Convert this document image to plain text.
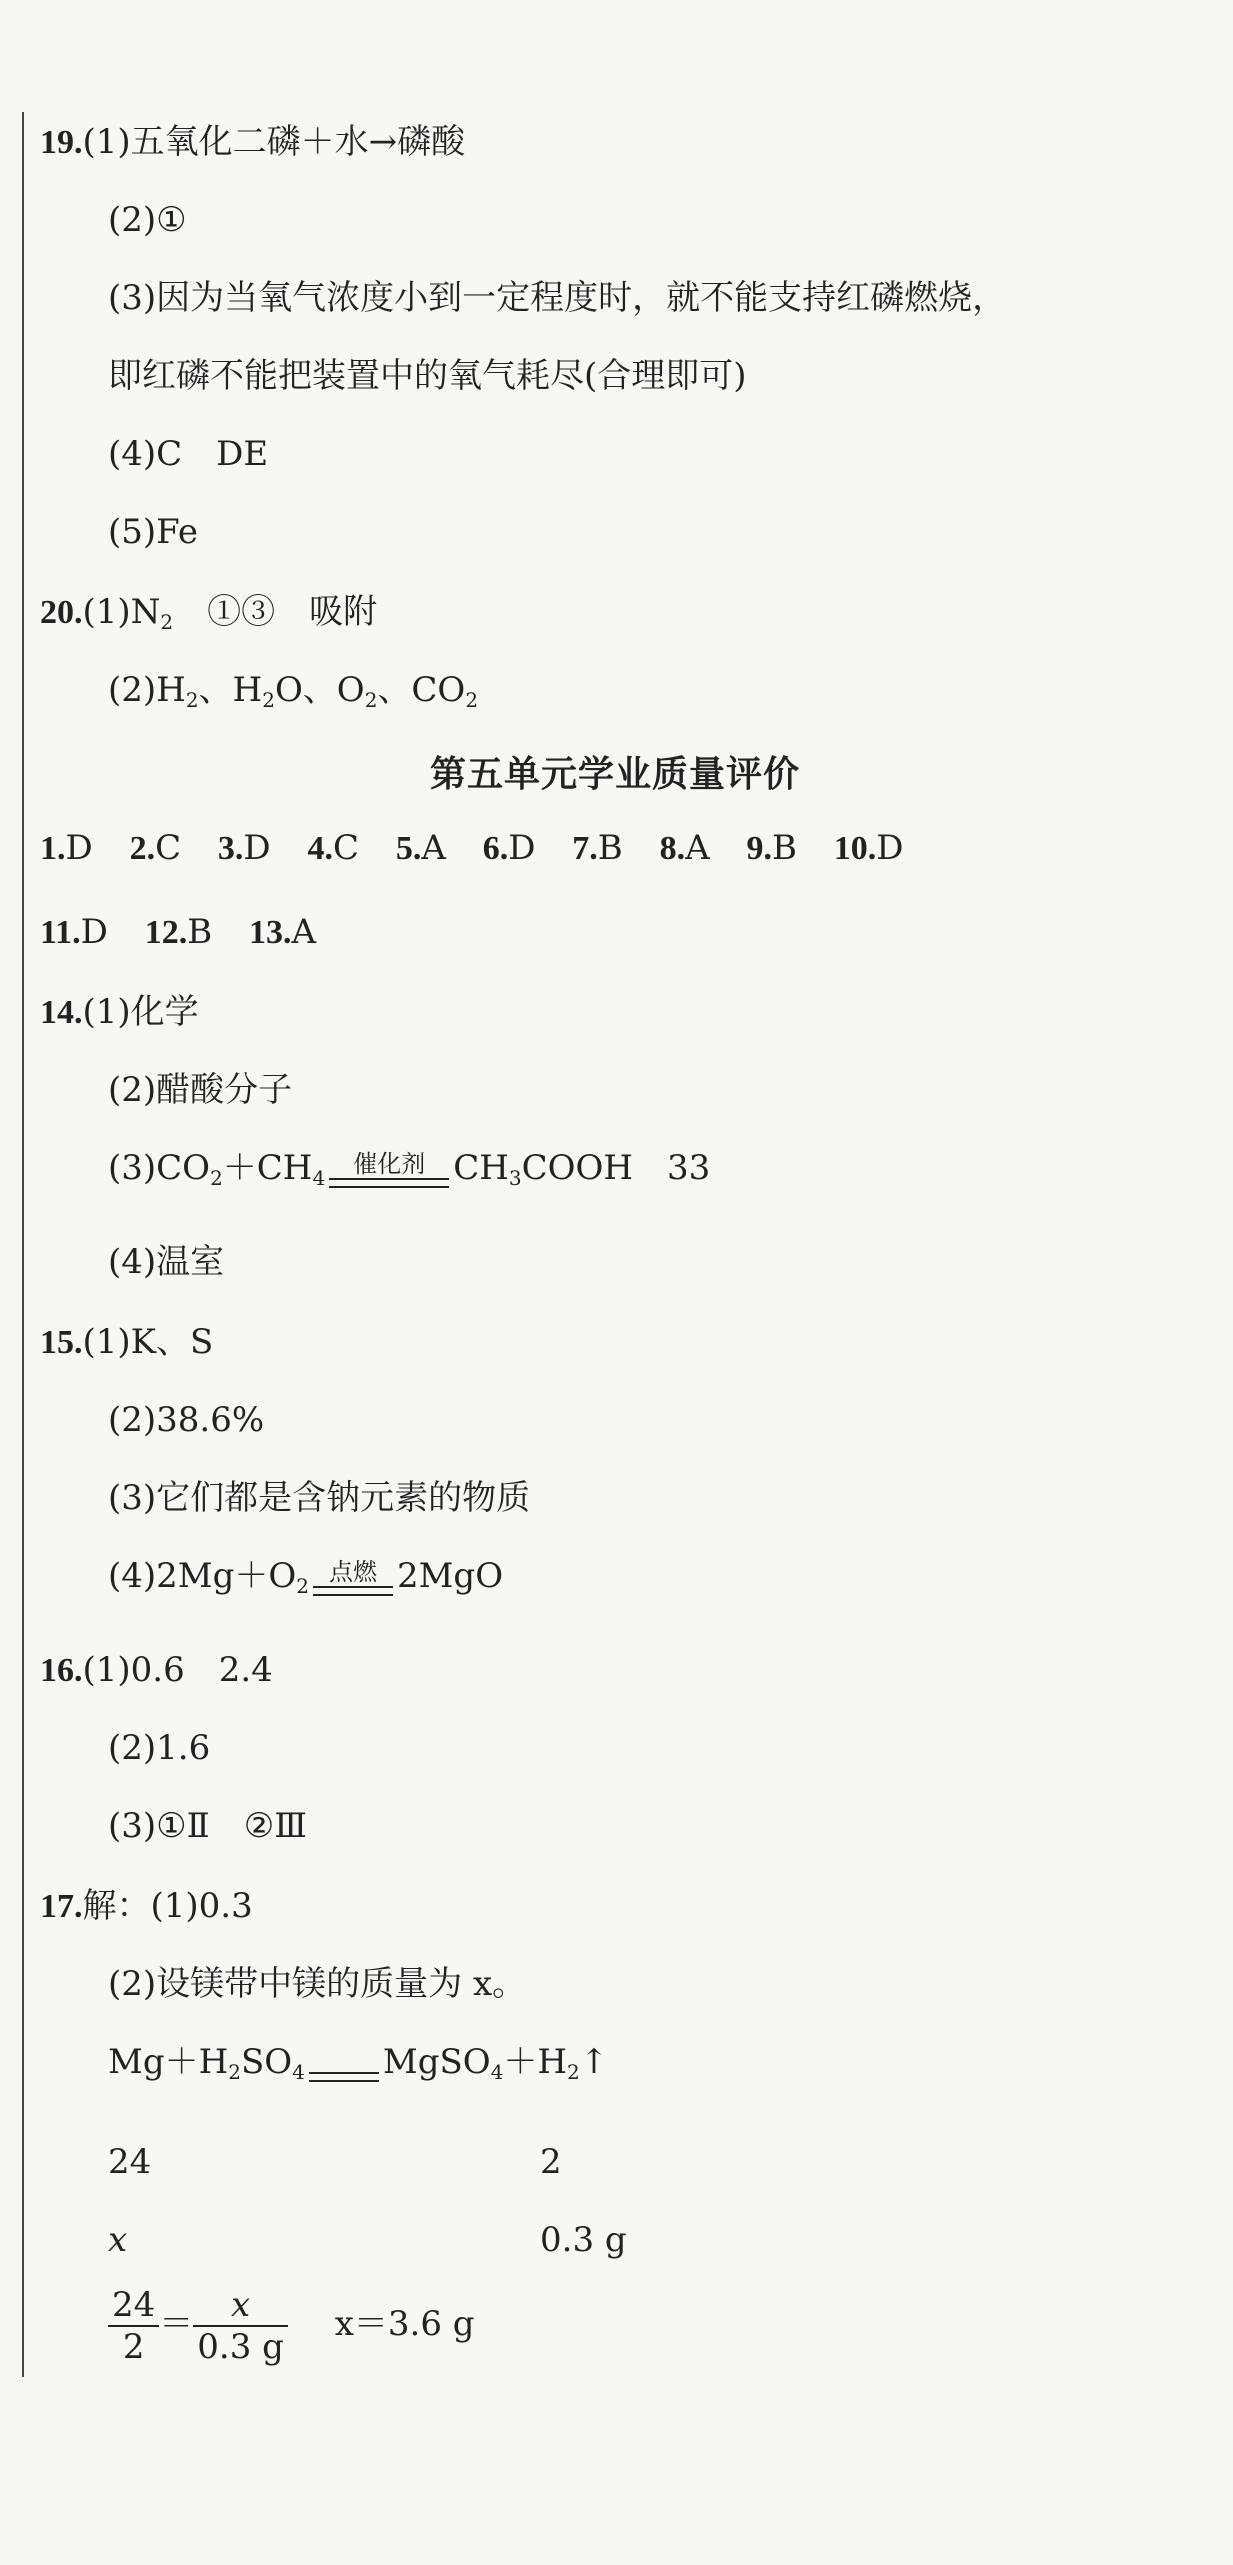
19.(1)五氧化二磷＋水→磷酸
(2)①
(3)因为当氧气浓度小到一定程度时，就不能支持红磷燃烧，
即红磷不能把装置中的氧气耗尽(合理即可)
(4)C　DE
(5)Fe
$20.(1)N_2$　①③　吸附
$(2)H_2$、$H_2O$、$O_2$、$CO_2$
第五单元学业质量评价
1.D 2.C 3.D 4.C 5.A 6.D 7.B 8.A 9.B 10.D
11.D 12.B 13.A
14.(1)化学
(2)醋酸分子
$(3)CO_2+CH_4$	催化剂 $CH_3COOH$　33
(4)温室
15.(1)K、S
(2)38.6%
(3)它们都是含钠元素的物质
$(4)2Mg+O_2$ 点燃 2MgO
16.(1)0.6　2.4
(2)1.6
(3)①Ⅱ　②Ⅲ
17.解：(1)0.3
(2)设镁带中镁的质量为 x。
$Mg+H_2SO_4$ $MgSO_4+H_2↑$
24	2
x	0.3 g
$\frac{24}{2} = \frac{x}{0.3 g} x=3.6$ g
